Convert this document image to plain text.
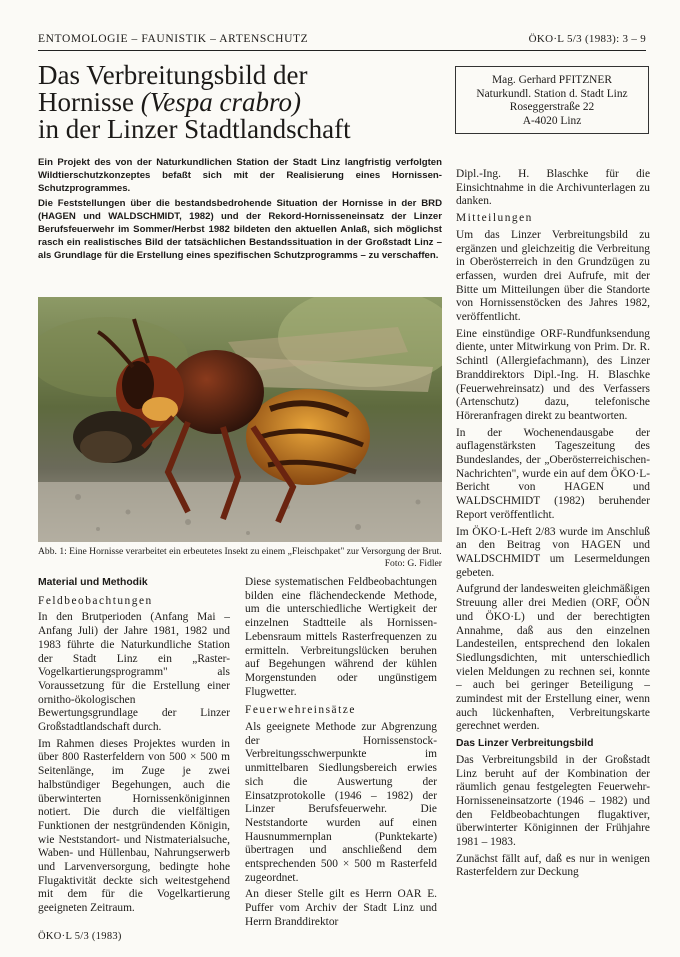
ENTOMOLOGIE – FAUNISTIK – ARTENSCHUTZ	ÖKO·L 5/3 (1983): 3 – 9
Das Verbreitungsbild der
Hornisse (Vespa crabro)
in der Linzer Stadtlandschaft
Mag. Gerhard PFITZNER
Naturkundl. Station d. Stadt Linz
Roseggerstraße 22
A-4020 Linz

Ein Projekt des von der Naturkundlichen Station der Stadt Linz langfristig verfolgten Wildtierschutzkonzeptes befaßt sich mit der Realisierung eines Hornissen-Schutzprogrammes.

Die Feststellungen über die bestandsbedrohende Situation der Hornisse in der BRD (HAGEN und WALDSCHMIDT, 1982) und der Rekord-Hornisseneinsatz der Linzer Berufsfeuerwehr im Sommer/Herbst 1982 bildeten den aktuellen Anlaß, sich möglichst rasch ein realistisches Bild der tatsächlichen Bestandssituation in der Großstadt Linz – als Grundlage für die Erstellung eines spezifischen Schutzprogramms – zu verschaffen.

Abb. 1: Eine Hornisse verarbeitet ein erbeutetes Insekt zu einem „Fleischpaket" zur Versorgung der Brut.
Foto: G. Fidler

Material und Methodik

Feldbeobachtungen

In den Brutperioden (Anfang Mai – Anfang Juli) der Jahre 1981, 1982 und 1983 führte die Naturkundliche Station der Stadt Linz ein „Raster-Vogelkartierungsprogramm" als Voraussetzung für die Erstellung einer ornitho-ökologischen Bewertungsgrundlage der Linzer Großstadtlandschaft durch.

Im Rahmen dieses Projektes wurden in über 800 Rasterfeldern von 500 × 500 m Seitenlänge, im Zuge je zwei halbstündiger Begehungen, auch die überwinterten Hornissenköniginnen notiert. Die durch die vielfältigen Funktionen der nestgründenden Königin, wie Neststandort- und Nistmaterialsuche, Waben- und Hüllenbau, Nahrungserwerb und Larvenversorgung, bedingte hohe Flugaktivität deckte sich weitestgehend mit dem für die Vogelkartierung geeigneten Zeitraum.

Diese systematischen Feldbeobachtungen bilden eine flächendeckende Methode, um die unterschiedliche Wertigkeit der einzelnen Stadtteile als Hornissen-Lebensraum mittels Rasterfrequenzen zu ermitteln. Verbreitungslücken beruhen auf Begehungen während der kühlen Morgenstunden oder ungünstigem Flugwetter.

Feuerwehreinsätze

Als geeignete Methode zur Abgrenzung der Hornissenstock-Verbreitungsschwerpunkte im unmittelbaren Siedlungsbereich erwies sich die Auswertung der Einsatzprotokolle (1946 – 1982) der Linzer Berufsfeuerwehr. Die Neststandorte wurden auf einen Hausnummernplan (Punktekarte) übertragen und anschließend dem entsprechenden 500 × 500 m Rasterfeld zugeordnet.

An dieser Stelle gilt es Herrn OAR E. Puffer vom Archiv der Stadt Linz und Herrn Branddirektor

Dipl.-Ing. H. Blaschke für die Einsichtnahme in die Archivunterlagen zu danken.

Mitteilungen

Um das Linzer Verbreitungsbild zu ergänzen und gleichzeitig die Verbreitung in Oberösterreich in den Grundzügen zu erfassen, wurden drei Aufrufe, mit der Bitte um Mitteilungen über die Standorte von Hornissenstöcken des Jahres 1982, veröffentlicht.

Eine einstündige ORF-Rundfunksendung diente, unter Mitwirkung von Prim. Dr. R. Schintl (Allergiefachmann), des Linzer Branddirektors Dipl.-Ing. H. Blaschke (Feuerwehreinsatz) und des Verfassers (Artenschutz) dazu, telefonische Höreranfragen direkt zu beantworten.

In der Wochenendausgabe der auflagenstärksten Tageszeitung des Bundeslandes, der „Oberösterreichischen-Nachrichten", wurde ein auf dem ÖKO·L-Bericht von HAGEN und WALDSCHMIDT (1982) beruhender Report veröffentlicht.

Im ÖKO·L-Heft 2/83 wurde im Anschluß an den Beitrag von HAGEN und WALDSCHMIDT um Lesermeldungen gebeten.

Aufgrund der landesweiten gleichmäßigen Streuung aller drei Medien (ORF, OÖN und ÖKO·L) und der berechtigten Annahme, daß aus den einzelnen Landesteilen, entsprechend den lokalen Siedlungsdichten, mit unterschiedlich vielen Meldungen zu rechnen sei, konnte – auch bei geringer Beteiligung – zumindest mit der Erstellung einer, wenn auch lückenhaften, Verbreitungskarte gerechnet werden.

Das Linzer Verbreitungsbild

Das Verbreitungsbild in der Großstadt Linz beruht auf der Kombination der räumlich genau festgelegten Feuerwehr-Hornisseneinsatzorte (1946 – 1982) und den Feldbeobachtungen flugaktiver, überwinterter Königinnen der Frühjahre 1981 – 1983.

Zunächst fällt auf, daß es nur in wenigen Rasterfeldern zur Deckung

ÖKO·L 5/3 (1983)
